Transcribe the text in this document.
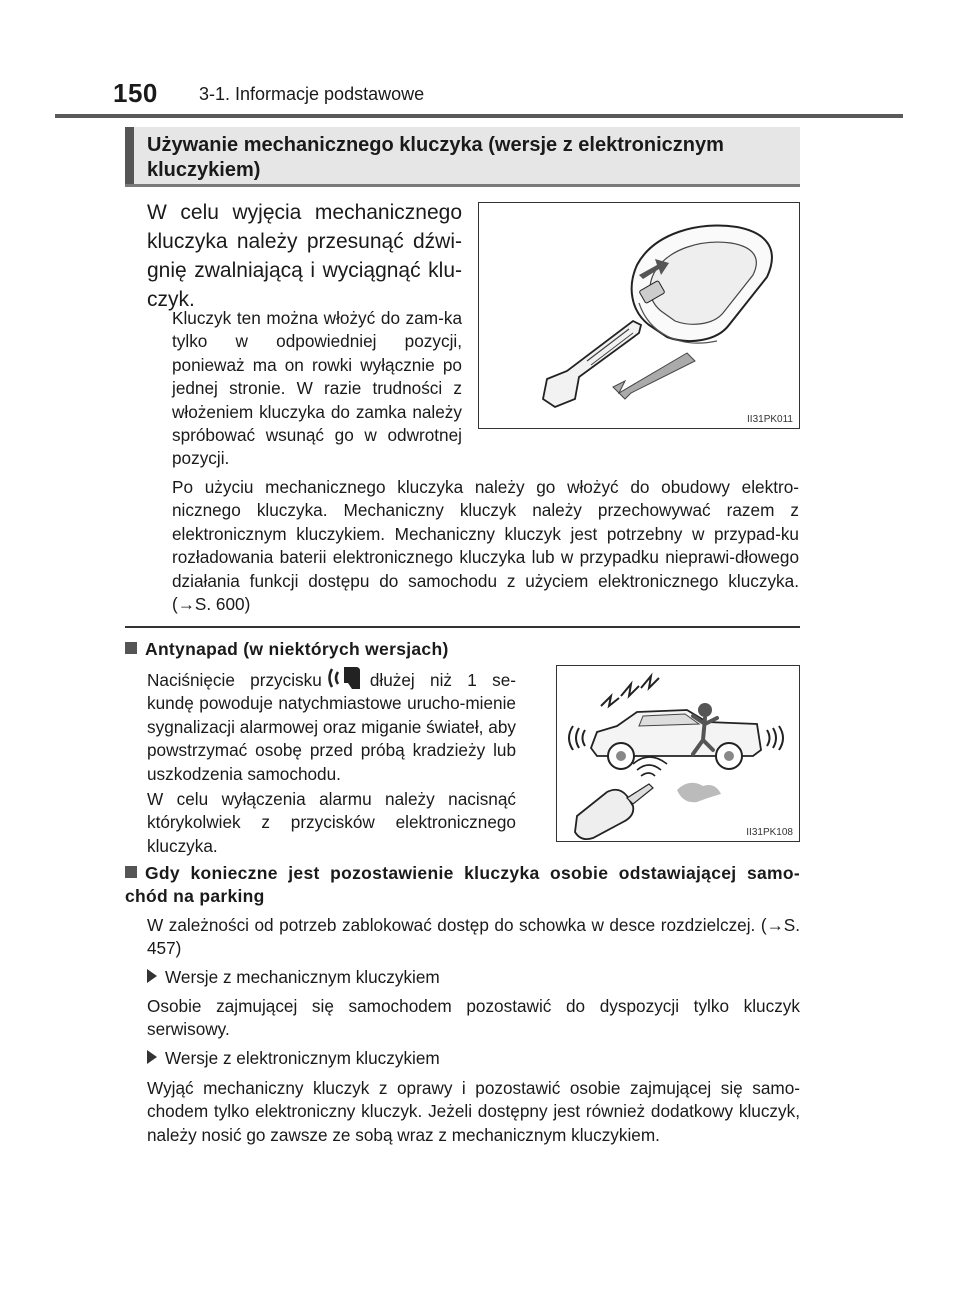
150 3-1. Informacje podstawowe
Używanie mechanicznego kluczyka (wersje z elektronicznym kluczykiem)
W celu wyjęcia mechanicznego kluczyka należy przesunąć dźwi-gnię zwalniającą i wyciągnąć klu-czyk.
Kluczyk ten można włożyć do zam-ka tylko w odpowiedniej pozycji, ponieważ ma on rowki wyłącznie po jednej stronie. W razie trudności z włożeniem kluczyka do zamka należy spróbować wsunąć go w odwrotnej pozycji.
II31PK011
Po użyciu mechanicznego kluczyka należy go włożyć do obudowy elektro-nicznego kluczyka. Mechaniczny kluczyk należy przechowywać razem z elektronicznym kluczykiem. Mechaniczny kluczyk jest potrzebny w przypad-ku rozładowania baterii elektronicznego kluczyka lub w przypadku nieprawi-dłowego działania funkcji dostępu do samochodu z użyciem elektronicznego kluczyka. (→S. 600)
Antynapad (w niektórych wersjach)
Naciśnięcie przycisku	dłużej niż 1 se-kundę powoduje natychmiastowe urucho-mienie sygnalizacji alarmowej oraz miganie świateł, aby powstrzymać osobę przed próbą kradzieży lub uszkodzenia samochodu.
W celu wyłączenia alarmu należy nacisnąć którykolwiek z przycisków elektronicznego kluczyka.
II31PK108
Gdy konieczne jest pozostawienie kluczyka osobie odstawiającej samo-chód na parking
W zależności od potrzeb zablokować dostęp do schowka w desce rozdzielczej. (→S. 457)
Wersje z mechanicznym kluczykiem
Osobie zajmującej się samochodem pozostawić do dyspozycji tylko kluczyk serwisowy.
Wersje z elektronicznym kluczykiem
Wyjąć mechaniczny kluczyk z oprawy i pozostawić osobie zajmującej się samo-chodem tylko elektroniczny kluczyk. Jeżeli dostępny jest również dodatkowy kluczyk, należy nosić go zawsze ze sobą wraz z mechanicznym kluczykiem.
